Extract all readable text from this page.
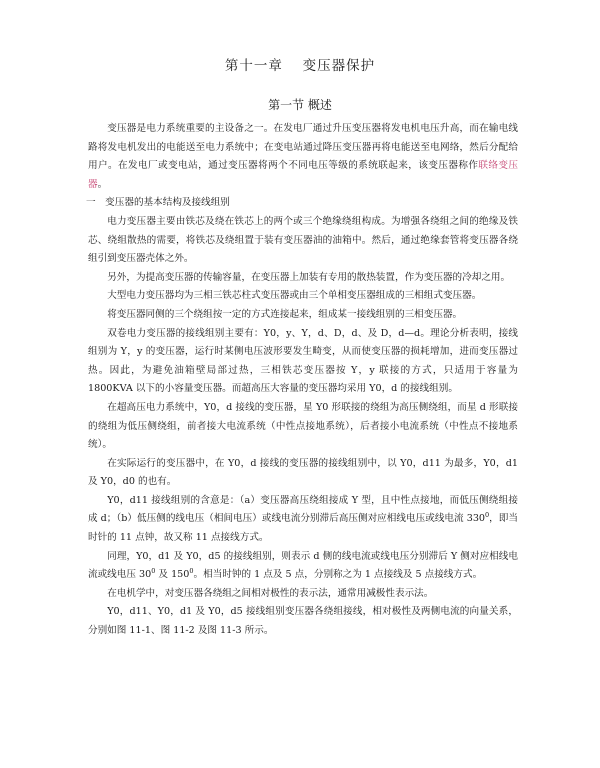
第十一章　 变压器保护
第一节 概述

变压器是电力系统重要的主设备之一。在发电厂通过升压变压器将发电机电压升高，而在输电线路将发电机发出的电能送至电力系统中；在变电站通过降压变压器再将电能送至电网络，然后分配给用户。在发电厂或变电站，通过变压器将两个不同电压等级的系统联起来，该变压器称作联络变压器。

一　变压器的基本结构及接线组别

电力变压器主要由铁芯及绕在铁芯上的两个或三个绝缘绕组构成。为增强各绕组之间的绝缘及铁芯、绕组散热的需要，将铁芯及绕组置于装有变压器油的油箱中。然后，通过绝缘套管将变压器各绕组引到变压器壳体之外。

另外，为提高变压器的传输容量，在变压器上加装有专用的散热装置，作为变压器的冷却之用。

大型电力变压器均为三相三铁芯柱式变压器或由三个单相变压器组成的三相组式变压器。

将变压器同侧的三个绕组按一定的方式连接起来，组成某一接线组别的三相变压器。

双卷电力变压器的接线组别主要有：Y0，y、Y，d、D，d、及 D，d—d。理论分析表明，接线组别为 Y，y 的变压器，运行时某侧电压波形要发生畸变，从而使变压器的损耗增加，进而变压器过热。因此，为避免油箱壁局部过热，三相铁芯变压器按 Y，y 联接的方式，只适用于容量为 1800KVA 以下的小容量变压器。而超高压大容量的变压器均采用 Y0，d 的接线组别。

在超高压电力系统中，Y0，d 接线的变压器，星 Y0 形联接的绕组为高压侧绕组，而星 d 形联接的绕组为低压侧绕组，前者接大电流系统（中性点接地系统），后者接小电流系统（中性点不接地系统）。

在实际运行的变压器中，在 Y0，d 接线的变压器的接线组别中，以 Y0，d11 为最多，Y0，d1 及 Y0，d0 的也有。

Y0，d11 接线组别的含意是：（a）变压器高压绕组接成 Y 型，且中性点接地，而低压侧绕组接成 d；（b）低压侧的线电压（相间电压）或线电流分别滞后高压侧对应相线电压或线电流 $330^0$，即当时针的 11 点钟，故又称 11 点接线方式。

同理，Y0，d1 及 Y0，d5 的接线组别，则表示 d 侧的线电流或线电压分别滞后 Y 侧对应相线电流或线电压 $30^0$ 及 $150^0$。相当时钟的 1 点及 5 点，分别称之为 1 点接线及 5 点接线方式。

在电机学中，对变压器各绕组之间相对极性的表示法，通常用减极性表示法。

Y0，d11、Y0，d1 及 Y0，d5 接线组别变压器各绕组接线，相对极性及两侧电流的向量关系，分别如图 11-1、图 11-2 及图 11-3 所示。
